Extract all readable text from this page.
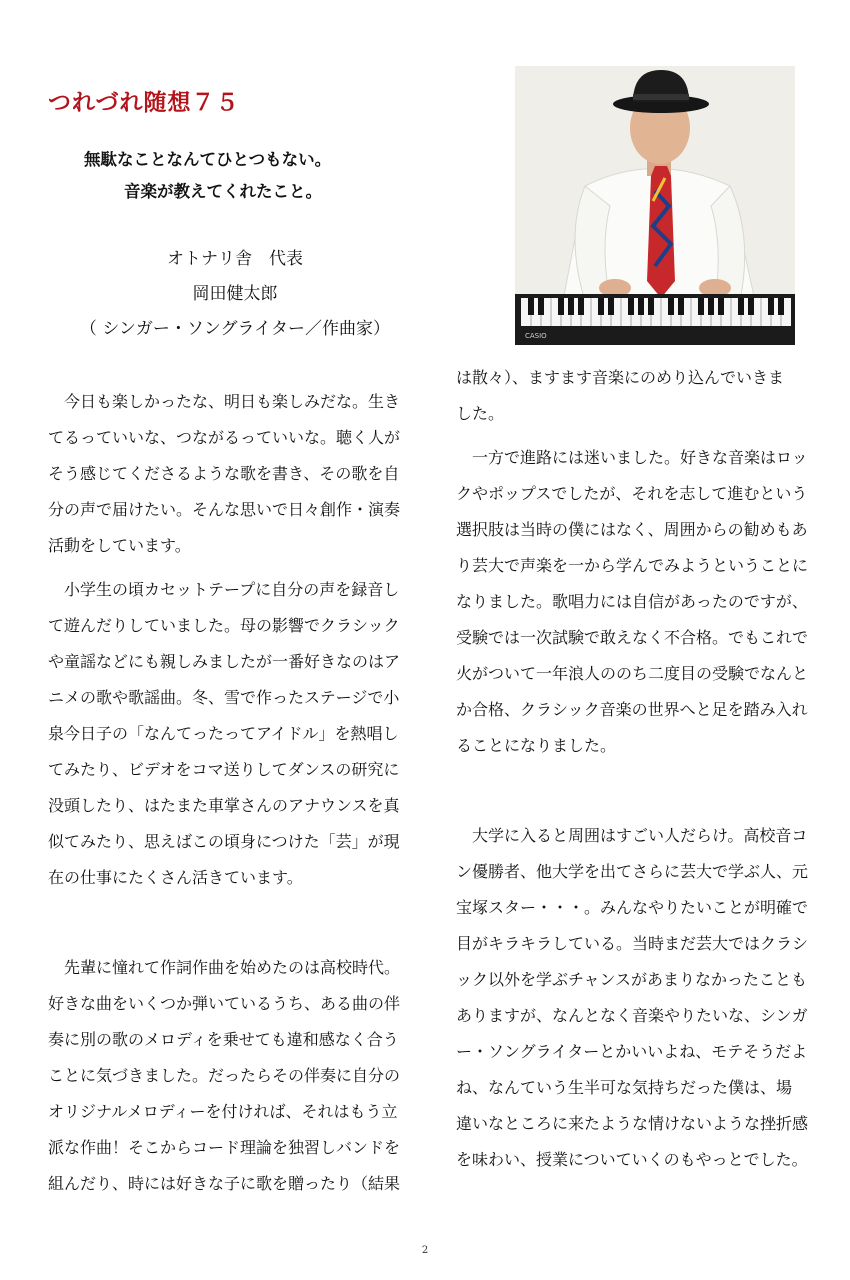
つれづれ随想７５
無駄なことなんてひとつもない。
音楽が教えてくれたこと。
オトナリ舎　代表
岡田健太郎
（ シンガー・ソングライター／作曲家）	CASIO

　今日も楽しかったな、明日も楽しみだな。生き

てるっていいな、つながるっていいな。聴く人が

そう感じてくださるような歌を書き、その歌を自

分の声で届けたい。そんな思いで日々創作・演奏

活動をしています。

　小学生の頃カセットテープに自分の声を録音し

て遊んだりしていました。母の影響でクラシック

や童謡などにも親しみましたが一番好きなのはア

ニメの歌や歌謡曲。冬、雪で作ったステージで小

泉今日子の「なんてったってアイドル」を熱唱し

てみたり、ビデオをコマ送りしてダンスの研究に

没頭したり、はたまた車掌さんのアナウンスを真

似てみたり、思えばこの頃身につけた「芸」が現

在の仕事にたくさん活きています。

　先輩に憧れて作詞作曲を始めたのは高校時代。

好きな曲をいくつか弾いているうち、ある曲の伴

奏に別の歌のメロディを乗せても違和感なく合う

ことに気づきました。だったらその伴奏に自分の

オリジナルメロディーを付ければ、それはもう立

派な作曲！そこからコード理論を独習しバンドを

組んだり、時には好きな子に歌を贈ったり（結果

は散々）、ますます音楽にのめり込んでいきま

した。

　一方で進路には迷いました。好きな音楽はロッ

クやポップスでしたが、それを志して進むという

選択肢は当時の僕にはなく、周囲からの勧めもあ

り芸大で声楽を一から学んでみようということに

なりました。歌唱力には自信があったのですが、

受験では一次試験で敢えなく不合格。でもこれで

火がついて一年浪人ののち二度目の受験でなんと

か合格、クラシック音楽の世界へと足を踏み入れ

ることになりました。

　大学に入ると周囲はすごい人だらけ。高校音コ

ン優勝者、他大学を出てさらに芸大で学ぶ人、元

宝塚スター・・・。みんなやりたいことが明確で

目がキラキラしている。当時まだ芸大ではクラシ

ック以外を学ぶチャンスがあまりなかったことも

ありますが、なんとなく音楽やりたいな、シンガ

ー・ソングライターとかいいよね、モテそうだよ

ね、なんていう生半可な気持ちだった僕は、場

違いなところに来たような情けないような挫折感

を味わい、授業についていくのもやっとでした。

2
